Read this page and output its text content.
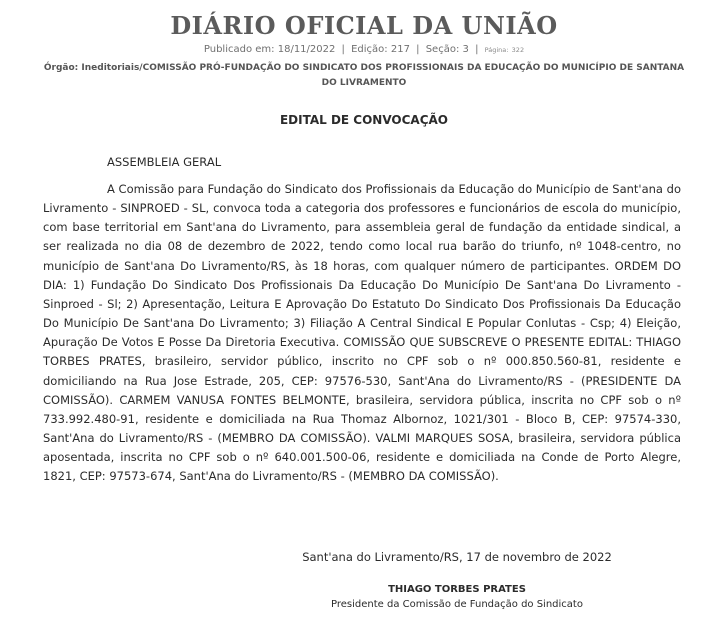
DIÁRIO OFICIAL DA UNIÃO
Publicado em: 18/11/2022 | Edição: 217 | Seção: 3 | Página: 322
Órgão: Ineditoriais/COMISSÃO PRÓ-FUNDAÇÃO DO SINDICATO DOS PROFISSIONAIS DA EDUCAÇÃO DO MUNICÍPIO DE SANTANA DO LIVRAMENTO
EDITAL DE CONVOCAÇÃO
ASSEMBLEIA GERAL

A Comissão para Fundação do Sindicato dos Profissionais da Educação do Município de Sant'ana do Livramento - SINPROED - SL, convoca toda a categoria dos professores e funcionários de escola do município, com base territorial em Sant'ana do Livramento, para assembleia geral de fundação da entidade sindical, a ser realizada no dia 08 de dezembro de 2022, tendo como local rua barão do triunfo, nº 1048-centro, no município de Sant'ana Do Livramento/RS, às 18 horas, com qualquer número de participantes. ORDEM DO DIA: 1) Fundação Do Sindicato Dos Profissionais Da Educação Do Município De Sant'ana Do Livramento - Sinproed - Sl; 2) Apresentação, Leitura E Aprovação Do Estatuto Do Sindicato Dos Profissionais Da Educação Do Município De Sant'ana Do Livramento; 3) Filiação A Central Sindical E Popular Conlutas - Csp; 4) Eleição, Apuração De Votos E Posse Da Diretoria Executiva. COMISSÃO QUE SUBSCREVE O PRESENTE EDITAL: THIAGO TORBES PRATES, brasileiro, servidor público, inscrito no CPF sob o nº 000.850.560-81, residente e domiciliando na Rua Jose Estrade, 205, CEP: 97576-530, Sant'Ana do Livramento/RS - (PRESIDENTE DA COMISSÃO). CARMEM VANUSA FONTES BELMONTE, brasileira, servidora pública, inscrita no CPF sob o nº 733.992.480-91, residente e domiciliada na Rua Thomaz Albornoz, 1021/301 - Bloco B, CEP: 97574-330, Sant'Ana do Livramento/RS - (MEMBRO DA COMISSÃO). VALMI MARQUES SOSA, brasileira, servidora pública aposentada, inscrita no CPF sob o nº 640.001.500-06, residente e domiciliada na Conde de Porto Alegre, 1821, CEP: 97573-674, Sant'Ana do Livramento/RS - (MEMBRO DA COMISSÃO).

Sant'ana do Livramento/RS, 17 de novembro de 2022
THIAGO TORBES PRATES
Presidente da Comissão de Fundação do Sindicato
